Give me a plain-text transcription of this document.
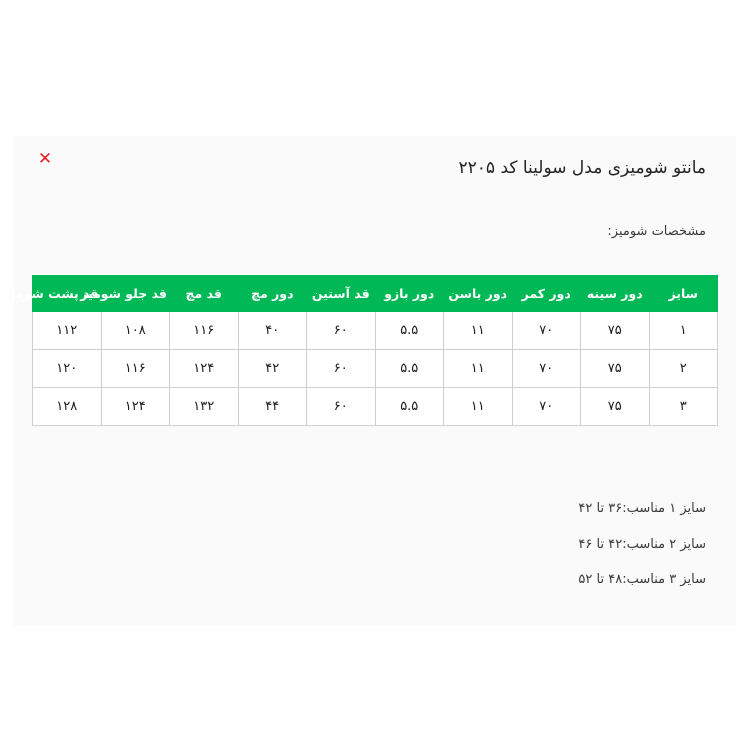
✕	مانتو شومیزی مدل سولینا کد ۲۲۰۵
مشخصات شومیز:
سایز	دور سینه	دور کمر	دور باسن	دور بازو	قد آستین	دور مچ	قد مچ	قد جلو شومیز	قد پشت شومیز
۱	۷۵	۷۰	۱۱	۵.۵	۶۰	۴۰	۱۱۶	۱۰۸	۱۱۲
۲	۷۵	۷۰	۱۱	۵.۵	۶۰	۴۲	۱۲۴	۱۱۶	۱۲۰
۳	۷۵	۷۰	۱۱	۵.۵	۶۰	۴۴	۱۳۲	۱۲۴	۱۲۸
سایز ۱ مناسب:۳۶ تا ۴۲
سایز ۲ مناسب:۴۲ تا ۴۶
سایز ۳ مناسب:۴۸ تا ۵۲
